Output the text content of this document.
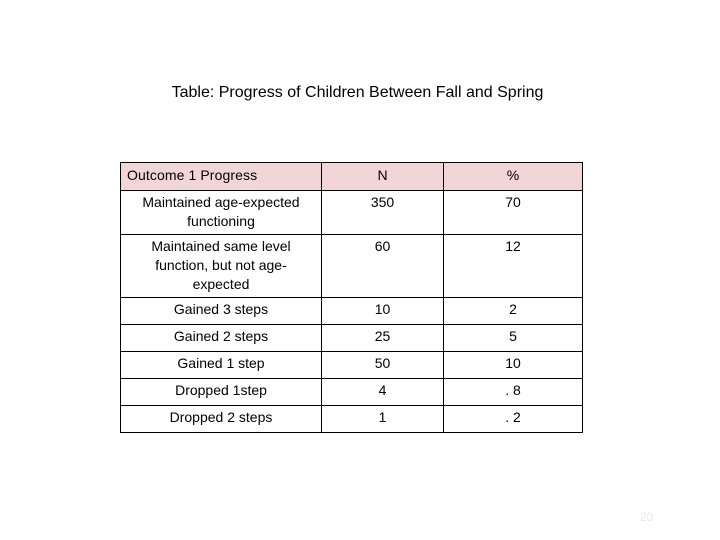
Table: Progress of Children Between Fall and Spring
Outcome 1 Progress	N	%
Maintained age-expected functioning	350	70
Maintained same level function, but not age-expected	60	12
Gained 3 steps	10	2
Gained 2 steps	25	5
Gained 1 step	50	10
Dropped 1step	4	. 8
Dropped 2 steps	1	. 2
20
